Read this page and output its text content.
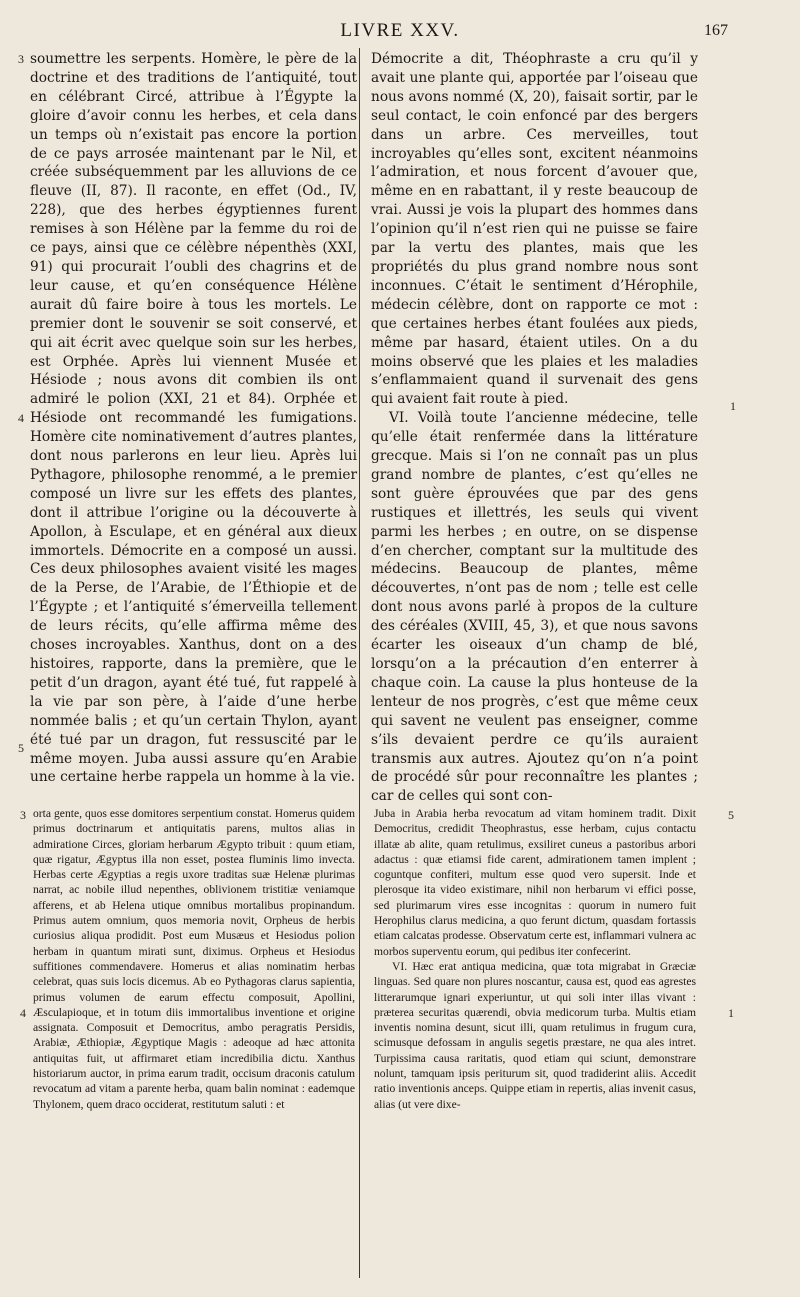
LIVRE XXV.	167

soumettre les serpents. Homère, le père de la doctrine et des traditions de l’antiquité, tout en célébrant Circé, attribue à l’Égypte la gloire d’avoir connu les herbes, et cela dans un temps où n’existait pas encore la portion de ce pays arrosée maintenant par le Nil, et créée subséquemment par les alluvions de ce fleuve (II, 87). Il raconte, en effet (Od., IV, 228), que des herbes égyptiennes furent remises à son Hélène par la femme du roi de ce pays, ainsi que ce célèbre népenthès (XXI, 91) qui procurait l’oubli des chagrins et de leur cause, et qu’en conséquence Hélène aurait dû faire boire à tous les mortels. Le premier dont le souvenir se soit conservé, et qui ait écrit avec quelque soin sur les herbes, est Orphée. Après lui viennent Musée et Hésiode ; nous avons dit combien ils ont admiré le polion (XXI, 21 et 84). Orphée et Hésiode ont recommandé les fumigations. Homère cite nominativement d’autres plantes, dont nous parlerons en leur lieu. Après lui Pythagore, philosophe renommé, a le premier composé un livre sur les effets des plantes, dont il attribue l’origine ou la découverte à Apollon, à Esculape, et en général aux dieux immortels. Démocrite en a composé un aussi. Ces deux philosophes avaient visité les mages de la Perse, de l’Arabie, de l’Éthiopie et de l’Égypte ; et l’antiquité s’émerveilla tellement de leurs récits, qu’elle affirma même des choses incroyables. Xanthus, dont on a des histoires, rapporte, dans la première, que le petit d’un dragon, ayant été tué, fut rappelé à la vie par son père, à l’aide d’une herbe nommée balis ; et qu’un certain Thylon, ayant été tué par un dragon, fut ressuscité par le même moyen. Juba aussi assure qu’en Arabie une certaine herbe rappela un homme à la vie.

Démocrite a dit, Théophraste a cru qu’il y avait une plante qui, apportée par l’oiseau que nous avons nommé (X, 20), faisait sortir, par le seul contact, le coin enfoncé par des bergers dans un arbre. Ces merveilles, tout incroyables qu’elles sont, excitent néanmoins l’admiration, et nous forcent d’avouer que, même en en rabattant, il y reste beaucoup de vrai. Aussi je vois la plupart des hommes dans l’opinion qu’il n’est rien qui ne puisse se faire par la vertu des plantes, mais que les propriétés du plus grand nombre nous sont inconnues. C’était le sentiment d’Hérophile, médecin célèbre, dont on rapporte ce mot : que certaines herbes étant foulées aux pieds, même par hasard, étaient utiles. On a du moins observé que les plaies et les maladies s’enflammaient quand il survenait des gens qui avaient fait route à pied.

VI. Voilà toute l’ancienne médecine, telle qu’elle était renfermée dans la littérature grecque. Mais si l’on ne connaît pas un plus grand nombre de plantes, c’est qu’elles ne sont guère éprouvées que par des gens rustiques et illettrés, les seuls qui vivent parmi les herbes ; en outre, on se dispense d’en chercher, comptant sur la multitude des médecins. Beaucoup de plantes, même découvertes, n’ont pas de nom ; telle est celle dont nous avons parlé à propos de la culture des céréales (XVIII, 45, 3), et que nous savons écarter les oiseaux d’un champ de blé, lorsqu’on a la précaution d’en enterrer à chaque coin. La cause la plus honteuse de la lenteur de nos progrès, c’est que même ceux qui savent ne veulent pas enseigner, comme s’ils devaient perdre ce qu’ils auraient transmis aux autres. Ajoutez qu’on n’a point de procédé sûr pour reconnaître les plantes ; car de celles qui sont con-

orta gente, quos esse domitores serpentium constat. Homerus quidem primus doctrinarum et antiquitatis parens, multos alias in admiratione Circes, gloriam herbarum Ægypto tribuit : quum etiam, quæ rigatur, Ægyptus illa non esset, postea fluminis limo invecta. Herbas certe Ægyptias a regis uxore traditas suæ Helenæ plurimas narrat, ac nobile illud nepenthes, oblivionem tristitiæ veniamque afferens, et ab Helena utique omnibus mortalibus propinandum. Primus autem omnium, quos memoria novit, Orpheus de herbis curiosius aliqua prodidit. Post eum Musæus et Hesiodus polion herbam in quantum mirati sunt, diximus. Orpheus et Hesiodus suffitiones commendavere. Homerus et alias nominatim herbas celebrat, quas suis locis dicemus. Ab eo Pythagoras clarus sapientia, primus volumen de earum effectu composuit, Apollini, Æsculapioque, et in totum diis immortalibus inventione et origine assignata. Composuit et Democritus, ambo peragratis Persidis, Arabiæ, Æthiopiæ, Ægyptique Magis : adeoque ad hæc attonita antiquitas fuit, ut affirmaret etiam incredibilia dictu. Xanthus historiarum auctor, in prima earum tradit, occisum draconis catulum revocatum ad vitam a parente herba, quam balin nominat : eademque Thylonem, quem draco occiderat, restitutum saluti : et

Juba in Arabia herba revocatum ad vitam hominem tradit. Dixit Democritus, credidit Theophrastus, esse herbam, cujus contactu illatæ ab alite, quam retulimus, exsiliret cuneus a pastoribus arbori adactus : quæ etiamsi fide carent, admirationem tamen implent ; coguntque confiteri, multum esse quod vero supersit. Inde et plerosque ita video existimare, nihil non herbarum vi effici posse, sed plurimarum vires esse incognitas : quorum in numero fuit Herophilus clarus medicina, a quo ferunt dictum, quasdam fortassis etiam calcatas prodesse. Observatum certe est, inflammari vulnera ac morbos superventu eorum, qui pedibus iter confecerint.

VI. Hæc erat antiqua medicina, quæ tota migrabat in Græciæ linguas. Sed quare non plures noscantur, causa est, quod eas agrestes litterarumque ignari experiuntur, ut qui soli inter illas vivant : præterea securitas quærendi, obvia medicorum turba. Multis etiam inventis nomina desunt, sicut illi, quam retulimus in frugum cura, scimusque defossam in angulis segetis præstare, ne qua ales intret. Turpissima causa raritatis, quod etiam qui sciunt, demonstrare nolunt, tamquam ipsis periturum sit, quod tradiderint aliis. Accedit ratio inventionis anceps. Quippe etiam in repertis, alias invenit casus, alias (ut vere dixe-

3
4
5
1
3
4
5
1
